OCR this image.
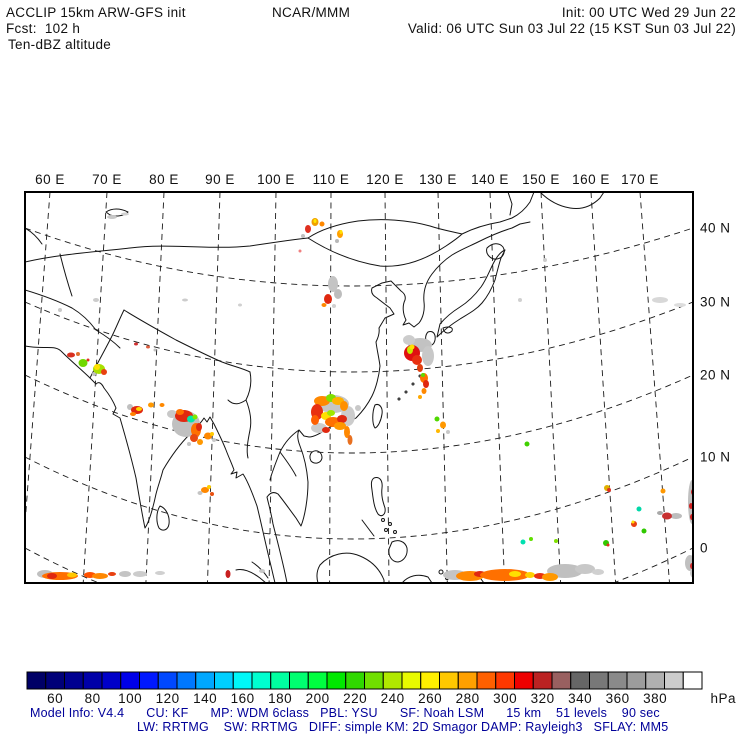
ACCLIP 15km ARW-GFS init	NCAR/MMM	Init: 00 UTC Wed 29 Jun 22
Fcst:  102 h	Valid: 06 UTC Sun 03 Jul 22 (15 KST Sun 03 Jul 22)
Ten-dBZ altitude
60 E 70 E 80 E 90 E 100 E 110 E 120 E 130 E 140 E 150 E 160 E 170 E
40 N
30 N
20 N
10 N
0
60 80 100 120 140 160 180 200 220 240 260 280 300 320 340 360 380	hPa
Model Info: V4.4      CU: KF      MP: WDM 6class   PBL: YSU      SF: Noah LSM      15 km    51 levels    90 sec
LW: RRTMG    SW: RRTMG   DIFF: simple KM: 2D Smagor DAMP: Rayleigh3   SFLAY: MM5
